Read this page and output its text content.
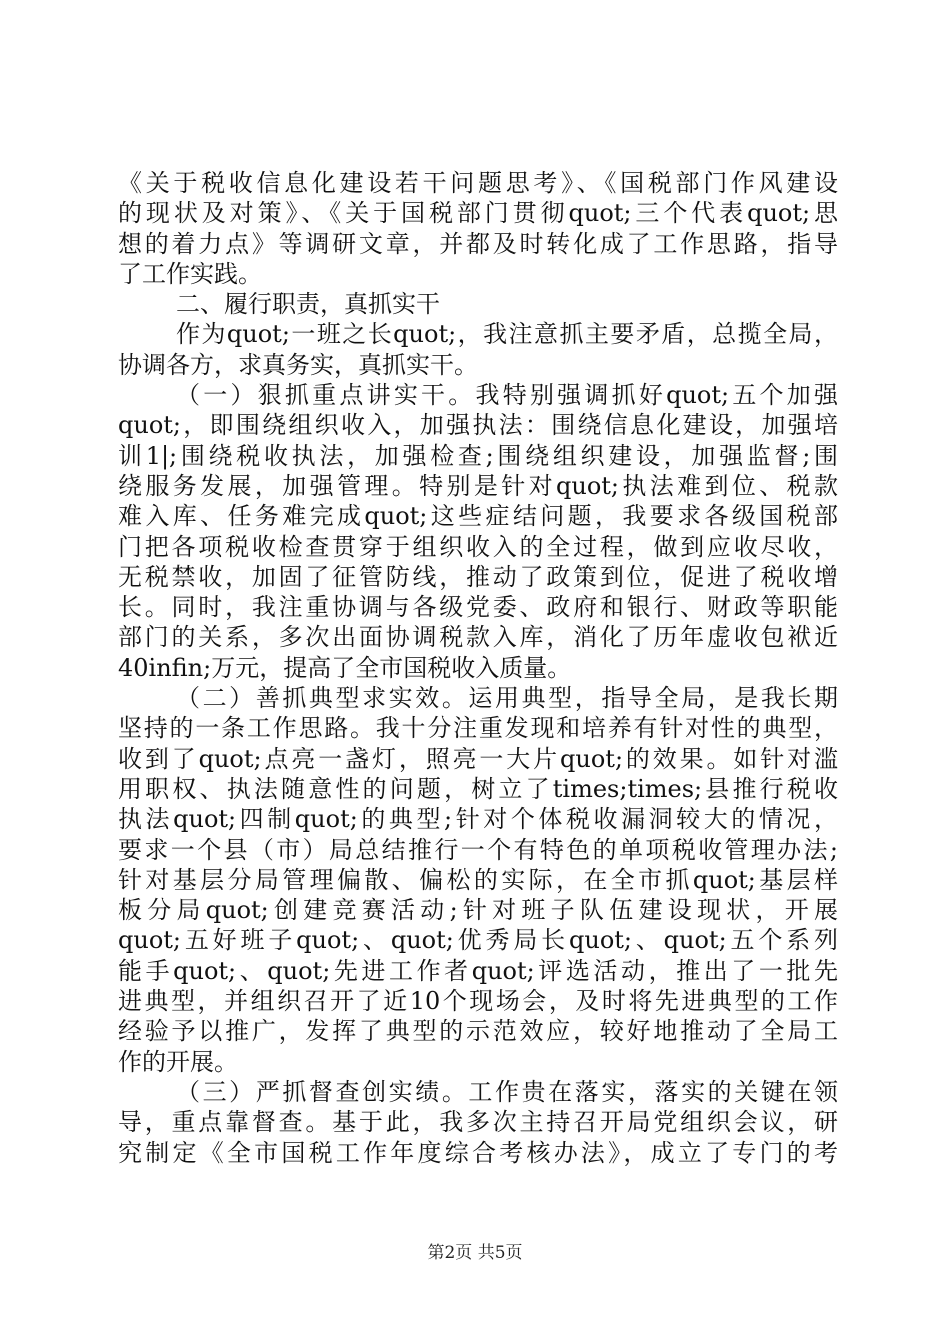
《关于税收信息化建设若干问题思考》、《国税部门作风建设
的现状及对策》、《关于国税部门贯彻quot;三个代表quot;思
想的着力点》等调研文章，并都及时转化成了工作思路，指导
了工作实践。
二、履行职责，真抓实干
作为quot;一班之长quot;，我注意抓主要矛盾，总揽全局，
协调各方，求真务实，真抓实干。
（一）狠抓重点讲实干。我特别强调抓好quot;五个加强
quot;，即围绕组织收入，加强执法：围绕信息化建设，加强培
训1|;围绕税收执法，加强检查;围绕组织建设，加强监督;围
绕服务发展，加强管理。特别是针对quot;执法难到位、税款
难入库、任务难完成quot;这些症结问题，我要求各级国税部
门把各项税收检查贯穿于组织收入的全过程，做到应收尽收，
无税禁收，加固了征管防线，推动了政策到位，促进了税收增
长。同时，我注重协调与各级党委、政府和银行、财政等职能
部门的关系，多次出面协调税款入库，消化了历年虚收包袱近
40infin;万元，提高了全市国税收入质量。
（二）善抓典型求实效。运用典型，指导全局，是我长期
坚持的一条工作思路。我十分注重发现和培养有针对性的典型，
收到了quot;点亮一盏灯，照亮一大片quot;的效果。如针对滥
用职权、执法随意性的问题，树立了times;times;县推行税收
执法quot;四制quot;的典型;针对个体税收漏洞较大的情况，
要求一个县（市）局总结推行一个有特色的单项税收管理办法;
针对基层分局管理偏散、偏松的实际，在全市抓quot;基层样
板分局quot;创建竞赛活动;针对班子队伍建设现状，开展
quot;五好班子quot;、quot;优秀局长quot;、quot;五个系列
能手quot;、quot;先进工作者quot;评选活动，推出了一批先
进典型，并组织召开了近10个现场会，及时将先进典型的工作
经验予以推广，发挥了典型的示范效应，较好地推动了全局工
作的开展。
（三）严抓督查创实绩。工作贵在落实，落实的关键在领
导，重点靠督查。基于此，我多次主持召开局党组织会议，研
究制定《全市国税工作年度综合考核办法》，成立了专门的考
第2页 共5页
